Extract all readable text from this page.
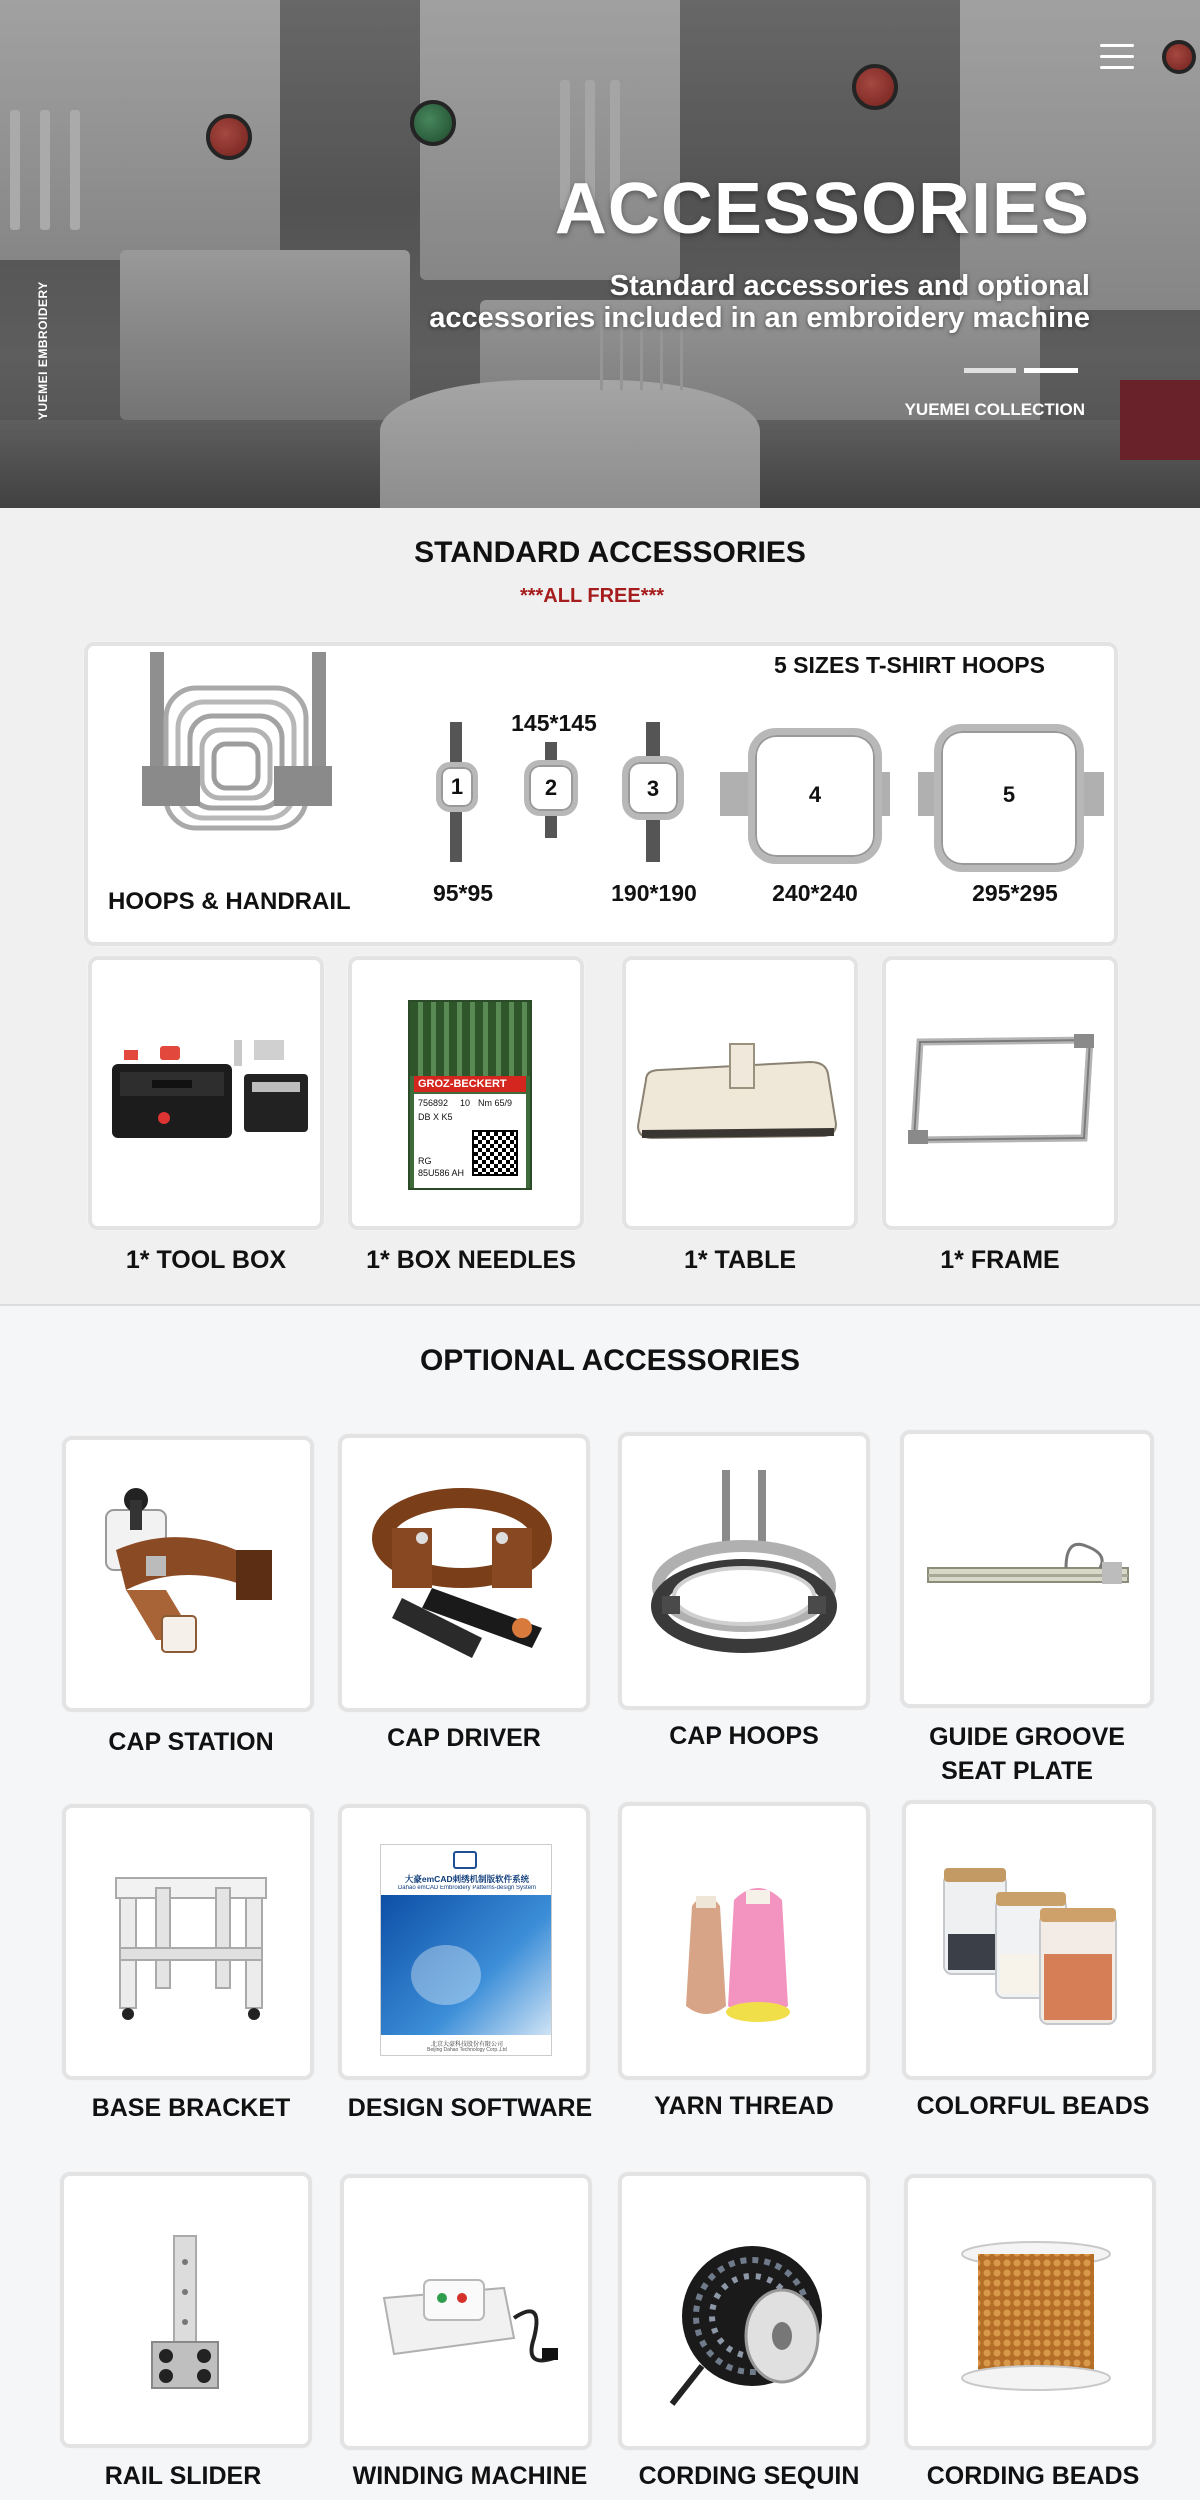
YUEMEI EMBROIDERY
ACCESSORIES
Standard accessories and optional
accessories included in an embroidery machine
YUEMEI COLLECTION
STANDARD ACCESSORIES
***ALL FREE***
HOOPS & HANDRAIL
5 SIZES T-SHIRT HOOPS
1
95*95
2
145*145
3
190*190
4
240*240
5
295*295
1* TOOL BOX
GROZ-BECKERT
756892 10 Nm 65/9
DB X K5
RG
85U586 AH
1* BOX NEEDLES	1* TABLE	1* FRAME
OPTIONAL ACCESSORIES
CAP STATION	CAP DRIVER	CAP HOOPS	GUIDE GROOVE
SEAT PLATE
BASE BRACKET
大豪emCAD刺绣机制版软件系统
Dahao emCAD Embroidery Patterns-design System
北京大豪科技股份有限公司
Beijing Dahao Technology Corp.,Ltd
DESIGN SOFTWARE	YARN THREAD	COLORFUL BEADS
RAIL SLIDER	WINDING MACHINE	CORDING SEQUIN	CORDING BEADS
